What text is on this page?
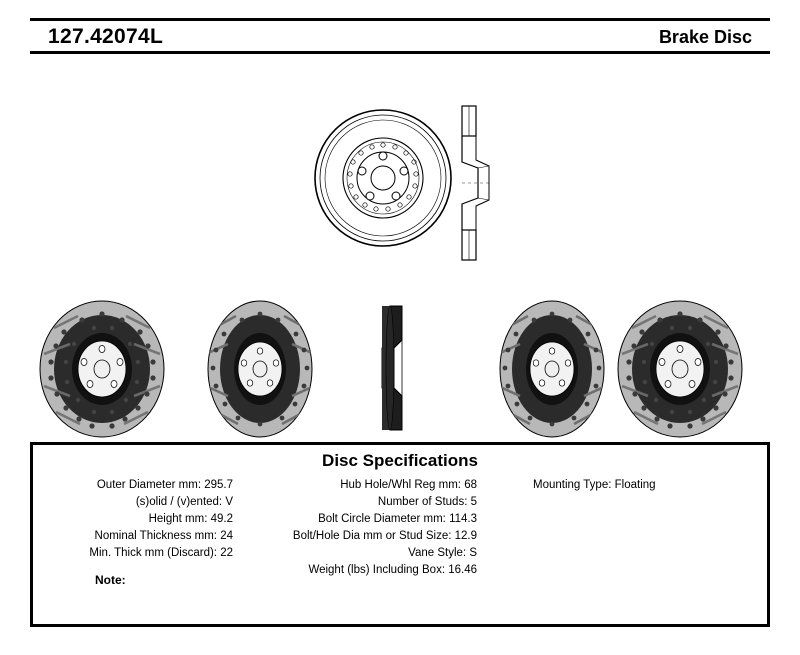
127.42074L	Brake Disc
Disc Specifications
Outer Diameter mm: 295.7
(s)olid / (v)ented: V
Height mm: 49.2
Nominal Thickness mm: 24
Min. Thick mm (Discard): 22
Hub Hole/Whl Reg mm: 68
Number of Studs: 5
Bolt Circle Diameter mm: 114.3
Bolt/Hole Dia mm or Stud Size: 12.9
Vane Style: S
Weight (lbs) Including Box: 16.46
Mounting Type: Floating
Note:
